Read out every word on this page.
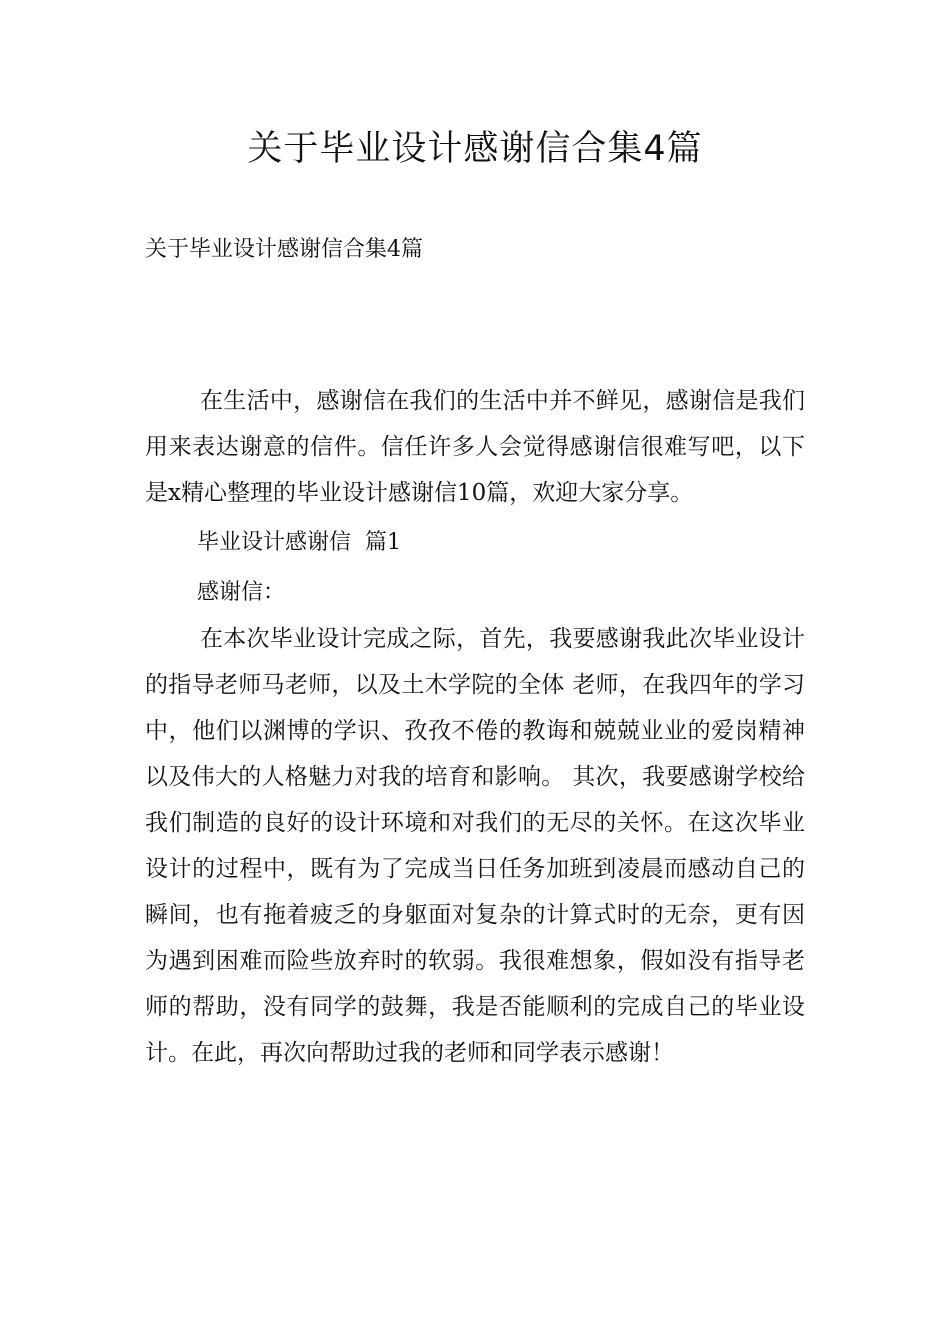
关于毕业设计感谢信合集4篇
关于毕业设计感谢信合集4篇

在生活中，感谢信在我们的生活中并不鲜见，感谢信是我们用来表达谢意的信件。信任许多人会觉得感谢信很难写吧，以下是x精心整理的毕业设计感谢信10篇，欢迎大家分享。

毕业设计感谢信  篇1

感谢信：

在本次毕业设计完成之际，首先，我要感谢我此次毕业设计的指导老师马老师，以及土木学院的全体 老师，在我四年的学习中，他们以渊博的学识、孜孜不倦的教诲和兢兢业业的爱岗精神以及伟大的人格魅力对我的培育和影响。 其次，我要感谢学校给我们制造的良好的设计环境和对我们的无尽的关怀。在这次毕业设计的过程中，既有为了完成当日任务加班到凌晨而感动自己的瞬间，也有拖着疲乏的身躯面对复杂的计算式时的无奈，更有因为遇到困难而险些放弃时的软弱。我很难想象，假如没有指导老师的帮助，没有同学的鼓舞，我是否能顺利的完成自己的毕业设计。在此，再次向帮助过我的老师和同学表示感谢！
